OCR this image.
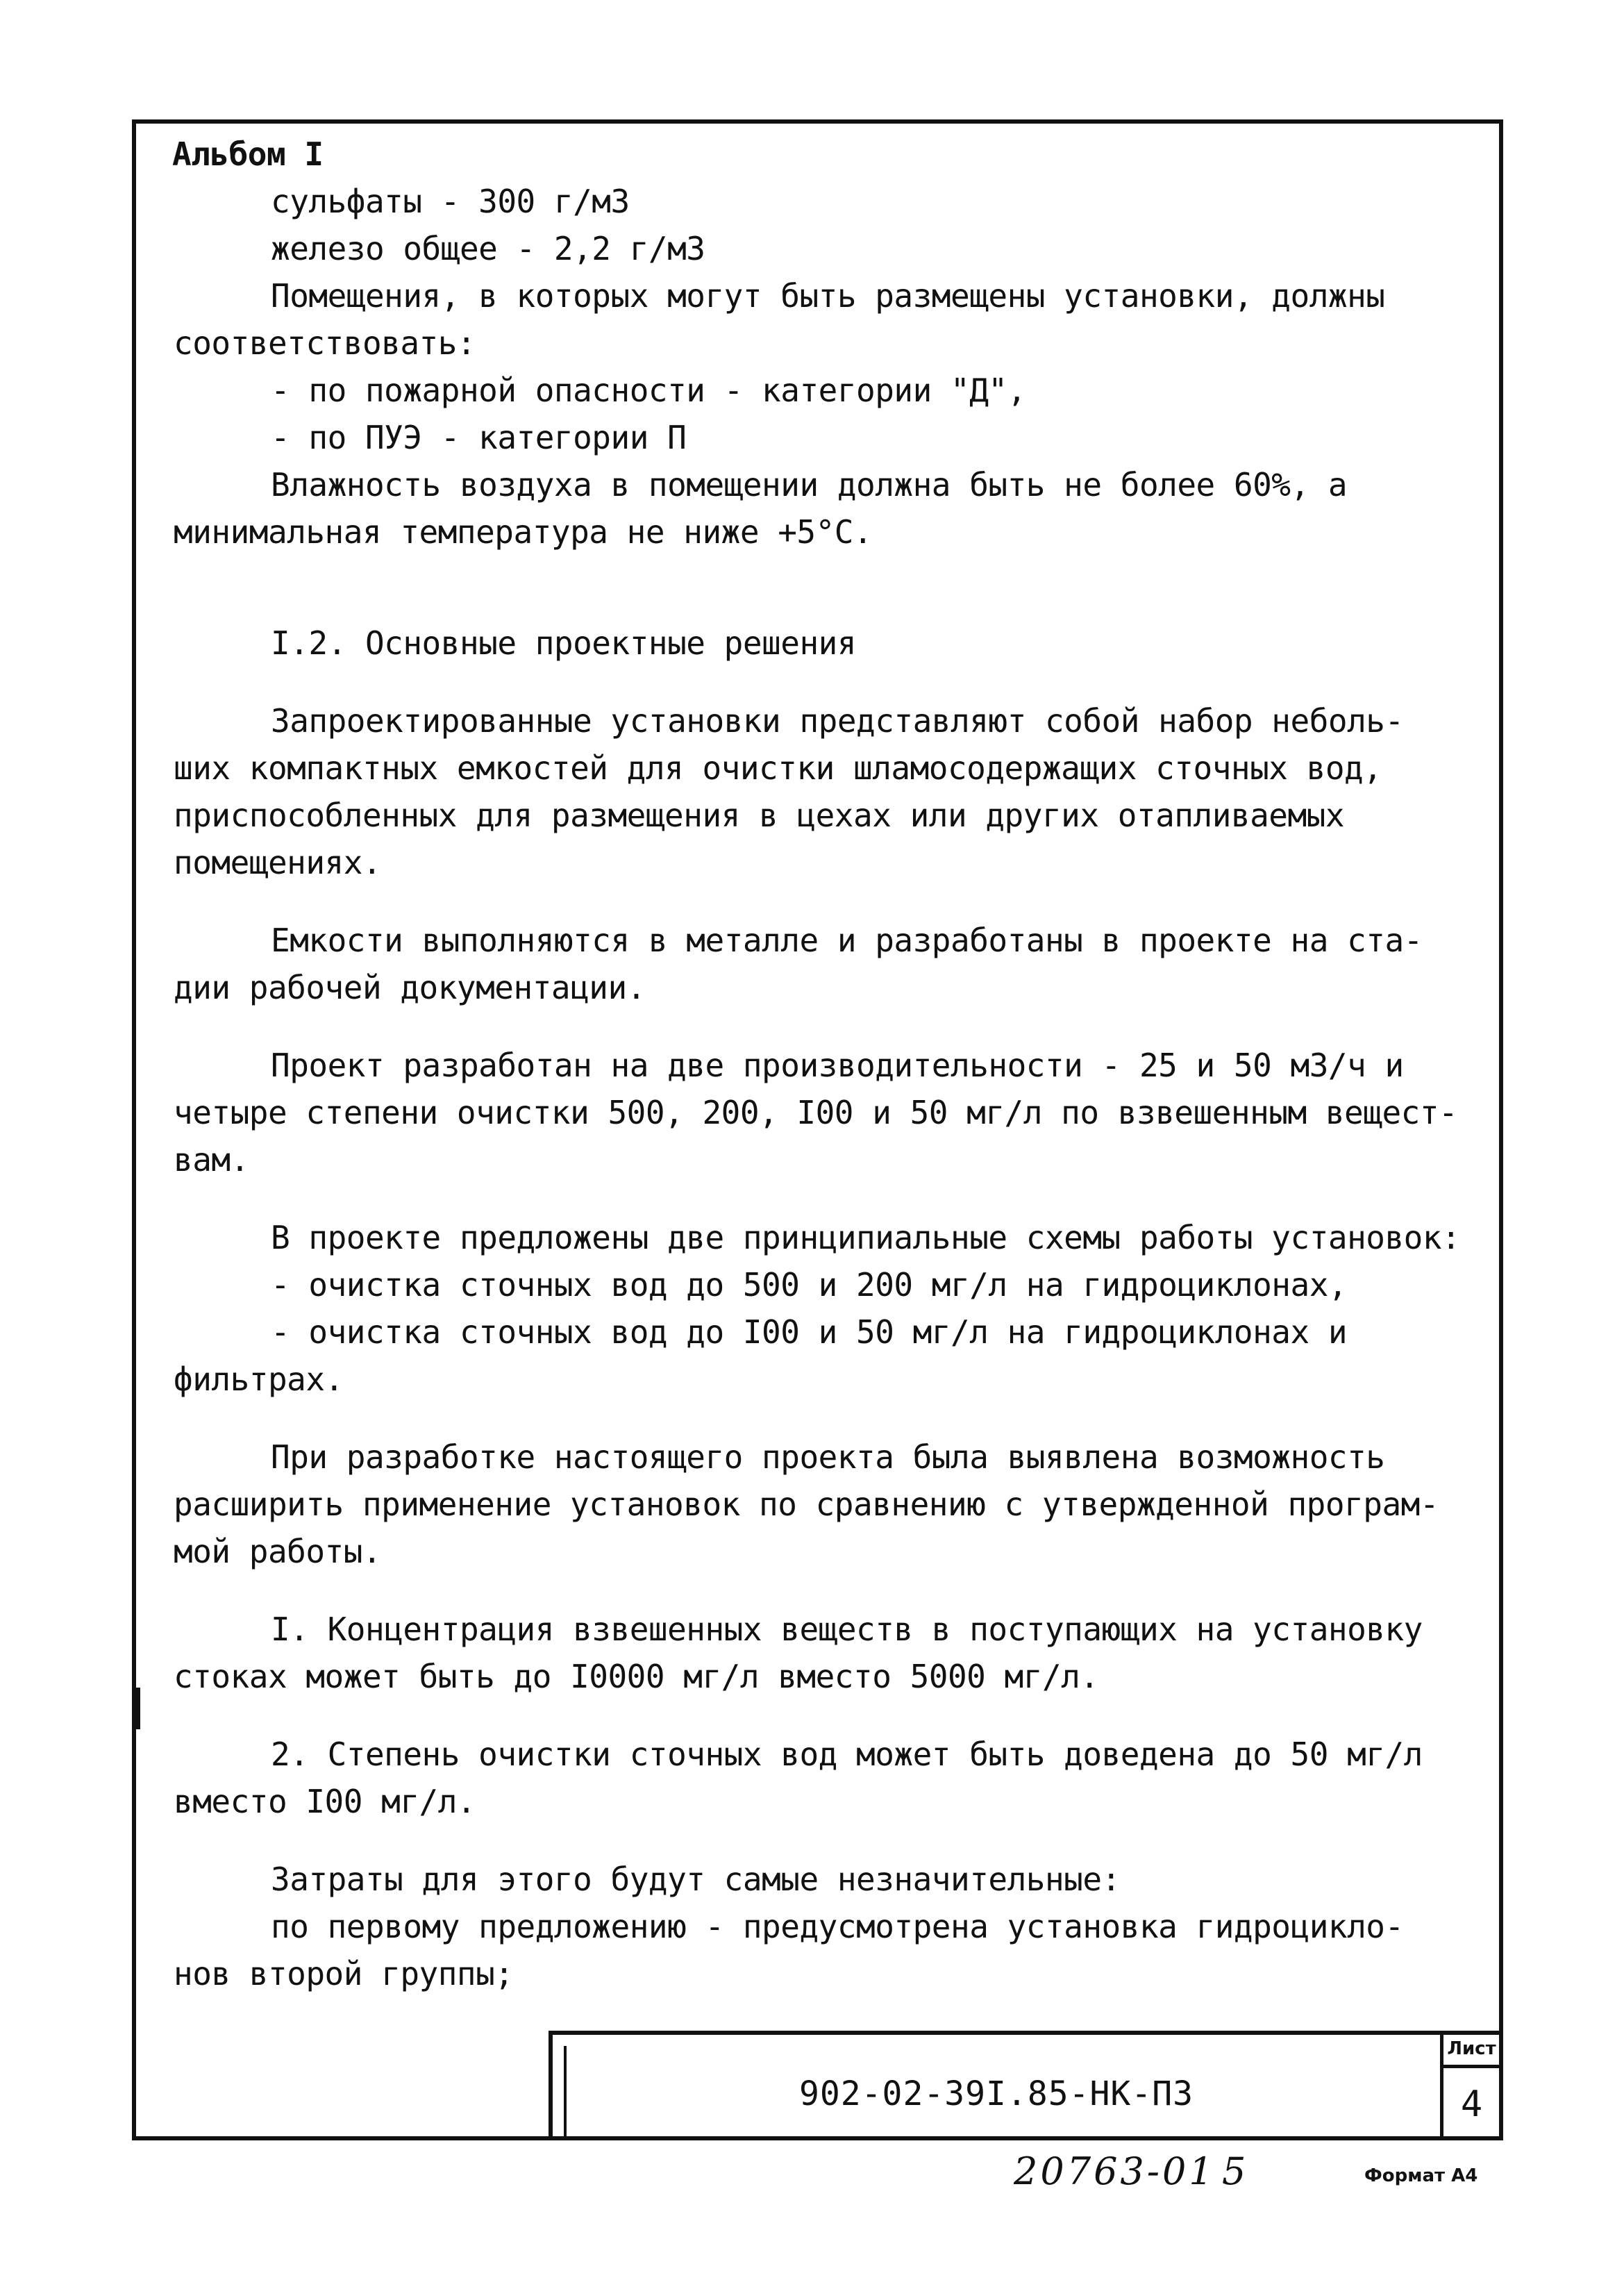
Альбом I
сульфаты - 300 г/м3
железо общее - 2,2 г/м3
Помещения, в которых могут быть размещены установки, должны
соответствовать:
- по пожарной опасности - категории "Д",
- по ПУЭ - категории П
Влажность воздуха в помещении должна быть не более 60%, а
минимальная температура не ниже +5°С.
I.2. Основные проектные решения
Запроектированные установки представляют собой набор неболь-
ших компактных емкостей для очистки шламосодержащих сточных вод,
приспособленных для размещения в цехах или других отапливаемых
помещениях.
Емкости выполняются в металле и разработаны в проекте на ста-
дии рабочей документации.
Проект разработан на две производительности - 25 и 50 м3/ч и
четыре степени очистки 500, 200, I00 и 50 мг/л по взвешенным вещест-
вам.
В проекте предложены две принципиальные схемы работы установок:
- очистка сточных вод до 500 и 200 мг/л на гидроциклонах,
- очистка сточных вод до I00 и 50 мг/л на гидроциклонах и
фильтрах.
При разработке настоящего проекта была выявлена возможность
расширить применение установок по сравнению с утвержденной програм-
мой работы.
I. Концентрация взвешенных веществ в поступающих на установку
стоках может быть до I0000 мг/л вместо 5000 мг/л.
2. Степень очистки сточных вод может быть доведена до 50 мг/л
вместо I00 мг/л.
Затраты для этого будут самые незначительные:
по первому предложению - предусмотрена установка гидроцикло-
нов второй группы;
902-02-39I.85-НК-ПЗ
Лист
4
20763-01 5	Формат А4
